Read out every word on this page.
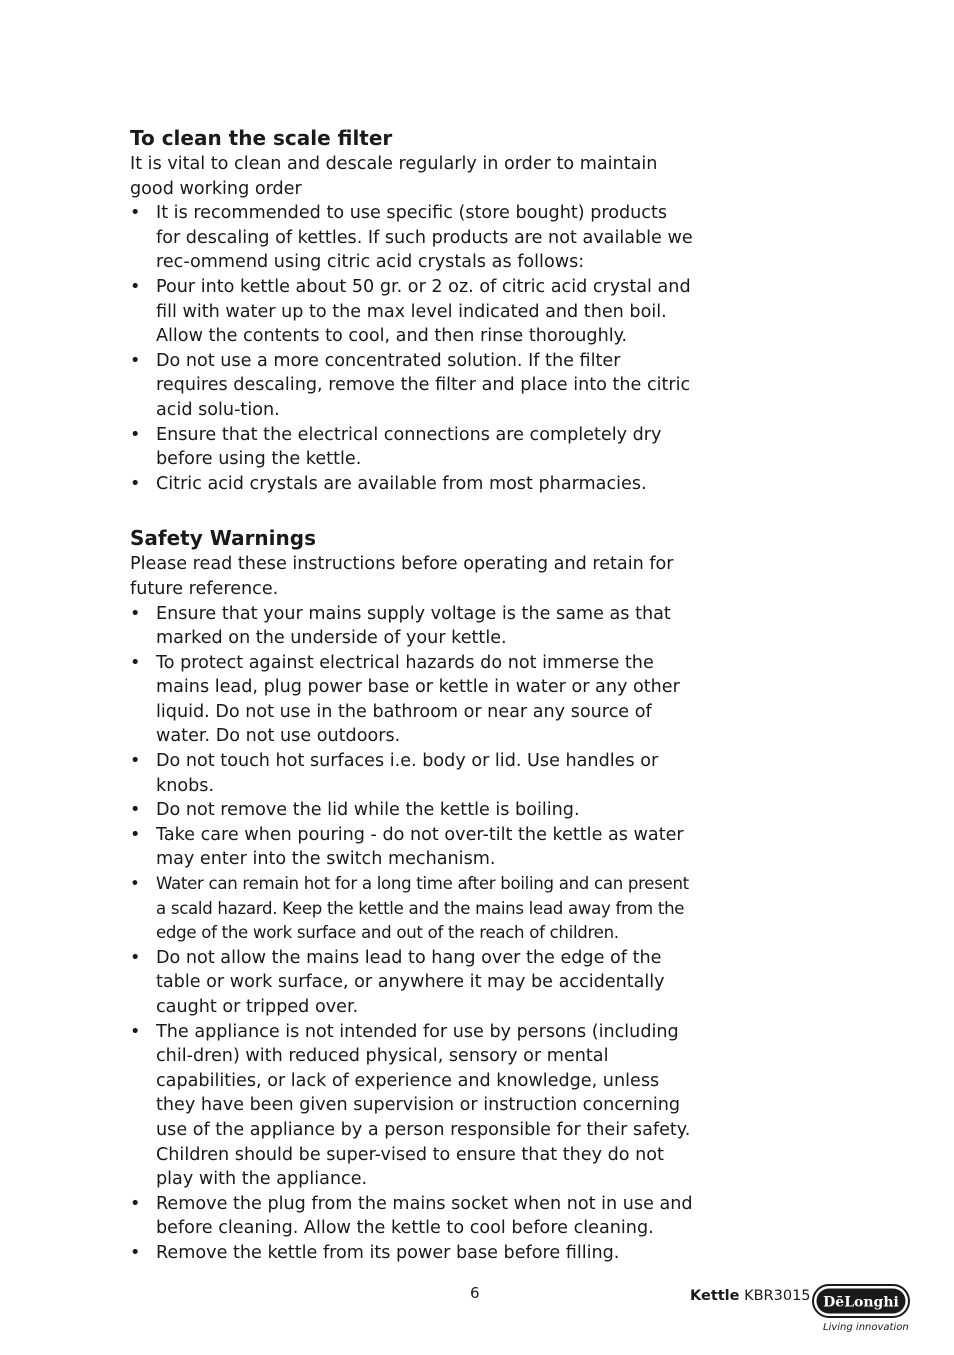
To clean the scale filter

It is vital to clean and descale regularly in order to maintain good working order

• It is recommended to use specific (store bought) products for descaling of kettles. If such products are not available we rec-ommend using citric acid crystals as follows:
• Pour into kettle about 50 gr. or 2 oz. of citric acid crystal and fill with water up to the max level indicated and then boil. Allow the contents to cool, and then rinse thoroughly.
• Do not use a more concentrated solution. If the filter requires descaling, remove the filter and place into the citric acid solu-tion.
• Ensure that the electrical connections are completely dry before using the kettle.
• Citric acid crystals are available from most pharmacies.
Safety Warnings

Please read these instructions before operating and retain for future reference.

• Ensure that your mains supply voltage is the same as that marked on the underside of your kettle.
• To protect against electrical hazards do not immerse the mains lead, plug power base or kettle in water or any other liquid. Do not use in the bathroom or near any source of water. Do not use outdoors.
• Do not touch hot surfaces i.e. body or lid. Use handles or knobs.
• Do not remove the lid while the kettle is boiling.
• Take care when pouring - do not over-tilt the kettle as water may enter into the switch mechanism.
• Water can remain hot for a long time after boiling and can present a scald hazard. Keep the kettle and the mains lead away from the edge of the work surface and out of the reach of children.
• Do not allow the mains lead to hang over the edge of the table or work surface, or anywhere it may be accidentally caught or tripped over.
• The appliance is not intended for use by persons (including chil-dren) with reduced physical, sensory or mental capabilities, or lack of experience and knowledge, unless they have been given supervision or instruction concerning use of the appliance by a person responsible for their safety. Children should be super-vised to ensure that they do not play with the appliance.
• Remove the plug from the mains socket when not in use and before cleaning. Allow the kettle to cool before cleaning.
• Remove the kettle from its power base before filling.
6	Kettle KBR3015 DēLonghi
Living innovation
